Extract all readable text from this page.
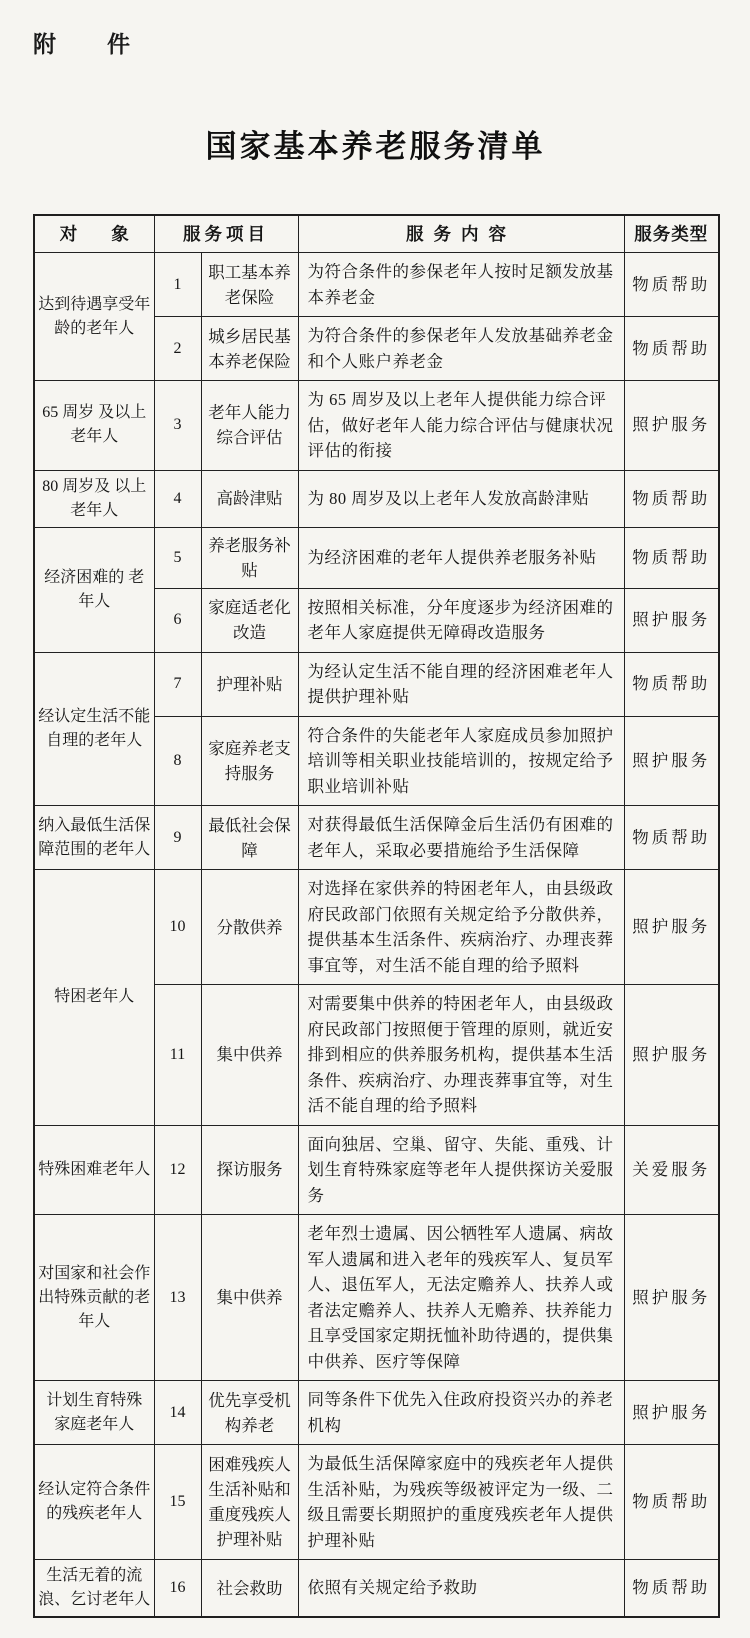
附　件
国家基本养老服务清单
对 象	服务项目		服务内容	服务类型
达到待遇享受年龄的老年人	1	职工基本养老保险	为符合条件的参保老年人按时足额发放基本养老金	物质帮助
	2	城乡居民基本养老保险	为符合条件的参保老年人发放基础养老金和个人账户养老金	物质帮助
65 周岁 及以上老年人	3	老年人能力综合评估	为 65 周岁及以上老年人提供能力综合评估，做好老年人能力综合评估与健康状况评估的衔接	照护服务
80 周岁及 以上老年人	4	高龄津贴	为 80 周岁及以上老年人发放高龄津贴	物质帮助
经济困难的 老年人	5	养老服务补贴	为经济困难的老年人提供养老服务补贴	物质帮助
	6	家庭适老化改造	按照相关标准，分年度逐步为经济困难的老年人家庭提供无障碍改造服务	照护服务
经认定生活不能自理的老年人	7	护理补贴	为经认定生活不能自理的经济困难老年人提供护理补贴	物质帮助
	8	家庭养老支持服务	符合条件的失能老年人家庭成员参加照护培训等相关职业技能培训的，按规定给予职业培训补贴	照护服务
纳入最低生活保障范围的老年人	9	最低社会保障	对获得最低生活保障金后生活仍有困难的老年人，采取必要措施给予生活保障	物质帮助
特困老年人	10	分散供养	对选择在家供养的特困老年人，由县级政府民政部门依照有关规定给予分散供养，提供基本生活条件、疾病治疗、办理丧葬事宜等，对生活不能自理的给予照料	照护服务
	11	集中供养	对需要集中供养的特困老年人，由县级政府民政部门按照便于管理的原则，就近安排到相应的供养服务机构，提供基本生活条件、疾病治疗、办理丧葬事宜等，对生活不能自理的给予照料	照护服务
特殊困难老年人	12	探访服务	面向独居、空巢、留守、失能、重残、计划生育特殊家庭等老年人提供探访关爱服务	关爱服务
对国家和社会作出特殊贡献的老年人	13	集中供养	老年烈士遗属、因公牺牲军人遗属、病故军人遗属和进入老年的残疾军人、复员军人、退伍军人，无法定赡养人、扶养人或者法定赡养人、扶养人无赡养、扶养能力且享受国家定期抚恤补助待遇的，提供集中供养、医疗等保障	照护服务
计划生育特殊 家庭老年人	14	优先享受机构养老	同等条件下优先入住政府投资兴办的养老机构	照护服务
经认定符合条件 的残疾老年人	15	困难残疾人生活补贴和重度残疾人护理补贴	为最低生活保障家庭中的残疾老年人提供生活补贴，为残疾等级被评定为一级、二级且需要长期照护的重度残疾老年人提供护理补贴	物质帮助
生活无着的流浪、乞讨老年人	16	社会救助	依照有关规定给予救助	物质帮助
